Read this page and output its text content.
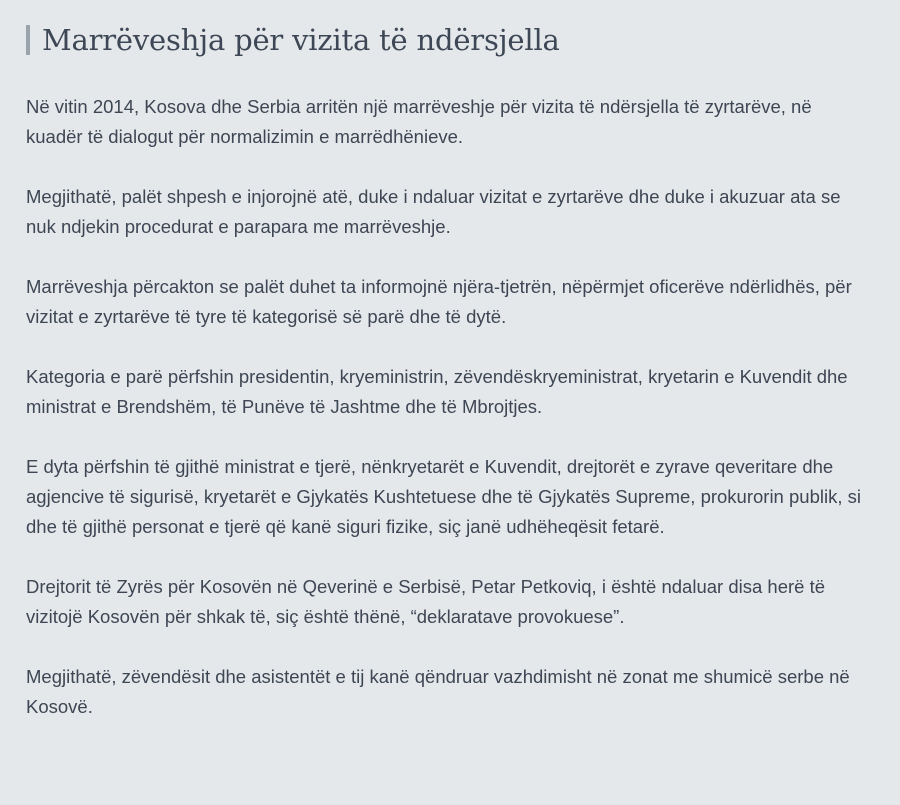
Marrëveshja për vizita të ndërsjella

Në vitin 2014, Kosova dhe Serbia arritën një marrëveshje për vizita të ndërsjella të zyrtarëve, në kuadër të dialogut për normalizimin e marrëdhënieve.

Megjithatë, palët shpesh e injorojnë atë, duke i ndaluar vizitat e zyrtarëve dhe duke i akuzuar ata se nuk ndjekin procedurat e parapara me marrëveshje.

Marrëveshja përcakton se palët duhet ta informojnë njëra-tjetrën, nëpërmjet oficerëve ndërlidhës, për vizitat e zyrtarëve të tyre të kategorisë së parë dhe të dytë.

Kategoria e parë përfshin presidentin, kryeministrin, zëvendëskryeministrat, kryetarin e Kuvendit dhe ministrat e Brendshëm, të Punëve të Jashtme dhe të Mbrojtjes.

E dyta përfshin të gjithë ministrat e tjerë, nënkryetarët e Kuvendit, drejtorët e zyrave qeveritare dhe agjencive të sigurisë, kryetarët e Gjykatës Kushtetuese dhe të Gjykatës Supreme, prokurorin publik, si dhe të gjithë personat e tjerë që kanë siguri fizike, siç janë udhëheqësit fetarë.

Drejtorit të Zyrës për Kosovën në Qeverinë e Serbisë, Petar Petkoviq, i është ndaluar disa herë të vizitojë Kosovën për shkak të, siç është thënë, “deklaratave provokuese”.

Megjithatë, zëvendësit dhe asistentët e tij kanë qëndruar vazhdimisht në zonat me shumicë serbe në Kosovë.
